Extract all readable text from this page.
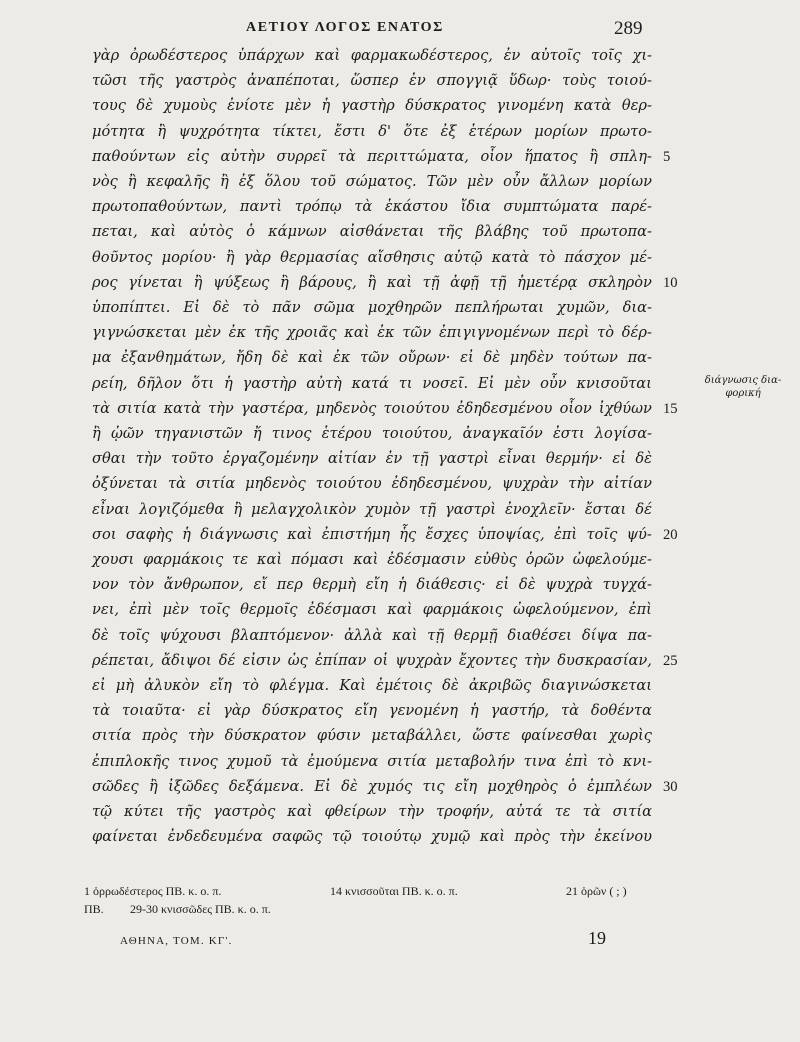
ΑΕΤΙΟΥ ΛΟΓΟΣ ΕΝΑΤΟΣ	289
γὰρ ὀρωδέστερος ὑπάρχων καὶ φαρμακωδέστερος, ἐν αὐτοῖς τοῖς χι-
τῶσι τῆς γαστρὸς ἀναπέποται, ὥσπερ ἐν σπογγιᾷ ὕδωρ· τοὺς τοιού-
τους δὲ χυμοὺς ἐνίοτε μὲν ἡ γαστὴρ δύσκρατος γινομένη κατὰ θερ-
μότητα ἢ ψυχρότητα τίκτει, ἔστι δ' ὅτε ἐξ ἑτέρων μορίων πρωτο-
παθούντων εἰς αὐτὴν συρρεῖ τὰ περιττώματα, οἷον ἥπατος ἢ σπλη-
νὸς ἢ κεφαλῆς ἢ ἐξ ὅλου τοῦ σώματος. Τῶν μὲν οὖν ἄλλων μορίων
πρωτοπαθούντων, παντὶ τρόπῳ τὰ ἑκάστου ἴδια συμπτώματα παρέ-
πεται, καὶ αὐτὸς ὁ κάμνων αἰσθάνεται τῆς βλάβης τοῦ πρωτοπα-
θοῦντος μορίου· ἢ γὰρ θερμασίας αἴσθησις αὐτῷ κατὰ τὸ πάσχον μέ-
ρος γίνεται ἢ ψύξεως ἢ βάρους, ἢ καὶ τῇ ἀφῇ τῇ ἡμετέρᾳ σκληρὸν
ὑποπίπτει. Εἰ δὲ τὸ πᾶν σῶμα μοχθηρῶν πεπλήρωται χυμῶν, δια-
γιγνώσκεται μὲν ἐκ τῆς χροιᾶς καὶ ἐκ τῶν ἐπιγιγνομένων περὶ τὸ δέρ-
μα ἐξανθημάτων, ἤδη δὲ καὶ ἐκ τῶν οὔρων· εἰ δὲ μηδὲν τούτων πα-
ρείη, δῆλον ὅτι ἡ γαστὴρ αὐτὴ κατά τι νοσεῖ. Εἰ μὲν οὖν κνισοῦται
τὰ σιτία κατὰ τὴν γαστέρα, μηδενὸς τοιούτου ἐδηδεσμένου οἷον ἰχθύων
ἢ ᾠῶν τηγανιστῶν ἤ τινος ἑτέρου τοιούτου, ἀναγκαῖόν ἐστι λογίσα-
σθαι τὴν τοῦτο ἐργαζομένην αἰτίαν ἐν τῇ γαστρὶ εἶναι θερμήν· εἰ δὲ
ὀξύνεται τὰ σιτία μηδενὸς τοιούτου ἐδηδεσμένου, ψυχρὰν τὴν αἰτίαν
εἶναι λογιζόμεθα ἢ μελαγχολικὸν χυμὸν τῇ γαστρὶ ἐνοχλεῖν· ἔσται δέ
σοι σαφὴς ἡ διάγνωσις καὶ ἐπιστήμη ἧς ἔσχες ὑποψίας, ἐπὶ τοῖς ψύ-
χουσι φαρμάκοις τε καὶ πόμασι καὶ ἐδέσμασιν εὐθὺς ὁρῶν ὠφελούμε-
νον τὸν ἄνθρωπον, εἴ περ θερμὴ εἴη ἡ διάθεσις· εἰ δὲ ψυχρὰ τυγχά-
νει, ἐπὶ μὲν τοῖς θερμοῖς ἐδέσμασι καὶ φαρμάκοις ὠφελούμενον, ἐπὶ
δὲ τοῖς ψύχουσι βλαπτόμενον· ἀλλὰ καὶ τῇ θερμῇ διαθέσει δίψα πα-
ρέπεται, ἄδιψοι δέ εἰσιν ὡς ἐπίπαν οἱ ψυχρὰν ἔχοντες τὴν δυσκρασίαν,
εἰ μὴ ἀλυκὸν εἴη τὸ φλέγμα. Καὶ ἐμέτοις δὲ ἀκριβῶς διαγινώσκεται
τὰ τοιαῦτα· εἰ γὰρ δύσκρατος εἴη γενομένη ἡ γαστήρ, τὰ δοθέντα
σιτία πρὸς τὴν δύσκρατον φύσιν μεταβάλλει, ὥστε φαίνεσθαι χωρὶς
ἐπιπλοκῆς τινος χυμοῦ τὰ ἐμούμενα σιτία μεταβολήν τινα ἐπὶ τὸ κνι-
σῶδες ἢ ἰξῶδες δεξάμενα. Εἰ δὲ χυμός τις εἴη μοχθηρὸς ὁ ἐμπλέων
τῷ κύτει τῆς γαστρὸς καὶ φθείρων τὴν τροφήν, αὐτά τε τὰ σιτία
φαίνεται ἐνδεδευμένα σαφῶς τῷ τοιούτῳ χυμῷ καὶ πρὸς τὴν ἐκείνου
5
10
15
20
25
30
διάγνωσις δια-φορική
1 ὀρρωδέστερος ΠΒ. κ. ο. π.	14 κνισσοῦται ΠΒ. κ. ο. π.	21 ὁρῶν ( ; )
ΠΒ. 29-30 κνισσῶδες ΠΒ. κ. ο. π.
ΑΘΗΝΑ, ΤΟΜ. ΚΓ'.	19
